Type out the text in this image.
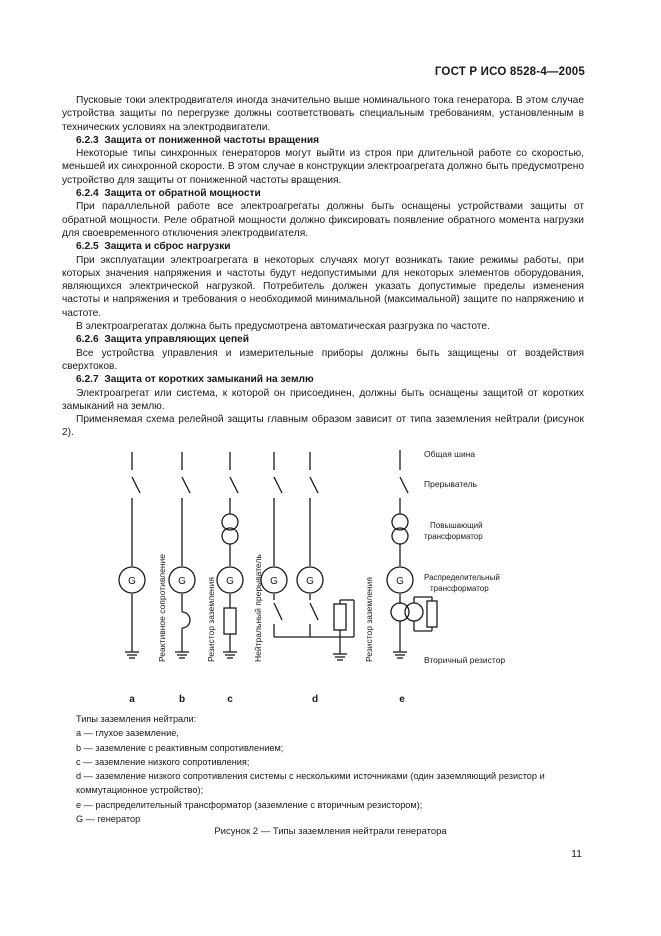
ГОСТ Р ИСО 8528-4—2005

Пусковые токи электродвигателя иногда значительно выше номинального тока генератора. В этом случае устройства защиты по перегрузке должны соответствовать специальным требованиям, установленным в технических условиях на электродвигатели.

6.2.3 Защита от пониженной частоты вращения

Некоторые типы синхронных генераторов могут выйти из строя при длительной работе со скоростью, меньшей их синхронной скорости. В этом случае в конструкции электроагрегата должно быть предусмотрено устройство для защиты от пониженной частоты вращения.

6.2.4 Защита от обратной мощности

При параллельной работе все электроагрегаты должны быть оснащены устройствами защиты от обратной мощности. Реле обратной мощности должно фиксировать появление обратного момента нагрузки для своевременного отключения электродвигателя.

6.2.5 Защита и сброс нагрузки

При эксплуатации электроагрегата в некоторых случаях могут возникать такие режимы работы, при которых значения напряжения и частоты будут недопустимыми для некоторых элементов оборудования, являющихся электрической нагрузкой. Потребитель должен указать допустимые пределы изменения частоты и напряжения и требования о необходимой минимальной (максимальной) защите по напряжению и частоте.

В электроагрегатах должна быть предусмотрена автоматическая разгрузка по частоте.

6.2.6 Защита управляющих цепей

Все устройства управления и измерительные приборы должны быть защищены от воздействия сверхтоков.

6.2.7 Защита от коротких замыканий на землю

Электроагрегат или система, к которой он присоединен, должны быть оснащены защитой от коротких замыканий на землю.

Применяемая схема релейной защиты главным образом зависит от типа заземления нейтрали (рисунок 2).

G	G	G	G	G	G
Реактивное сопротивление	Резистор заземления	Нейтральный прерыватель	Резистор заземления
Общая шина
Прерыватель
Повышающий трансформатор
Распределительный трансформатор
Вторичный резистор
a	b	c	d	e
Типы заземления нейтрали:
a — глухое заземление,
b — заземление с реактивным сопротивлением;
c — заземление низкого сопротивления;
d — заземление низкого сопротивления системы с несколькими источниками (один заземляющий резистор и коммутационное устройство);
e — распределительный трансформатор (заземление с вторичным резистором);
G — генератор
Рисунок 2 — Типы заземления нейтрали генератора
11
